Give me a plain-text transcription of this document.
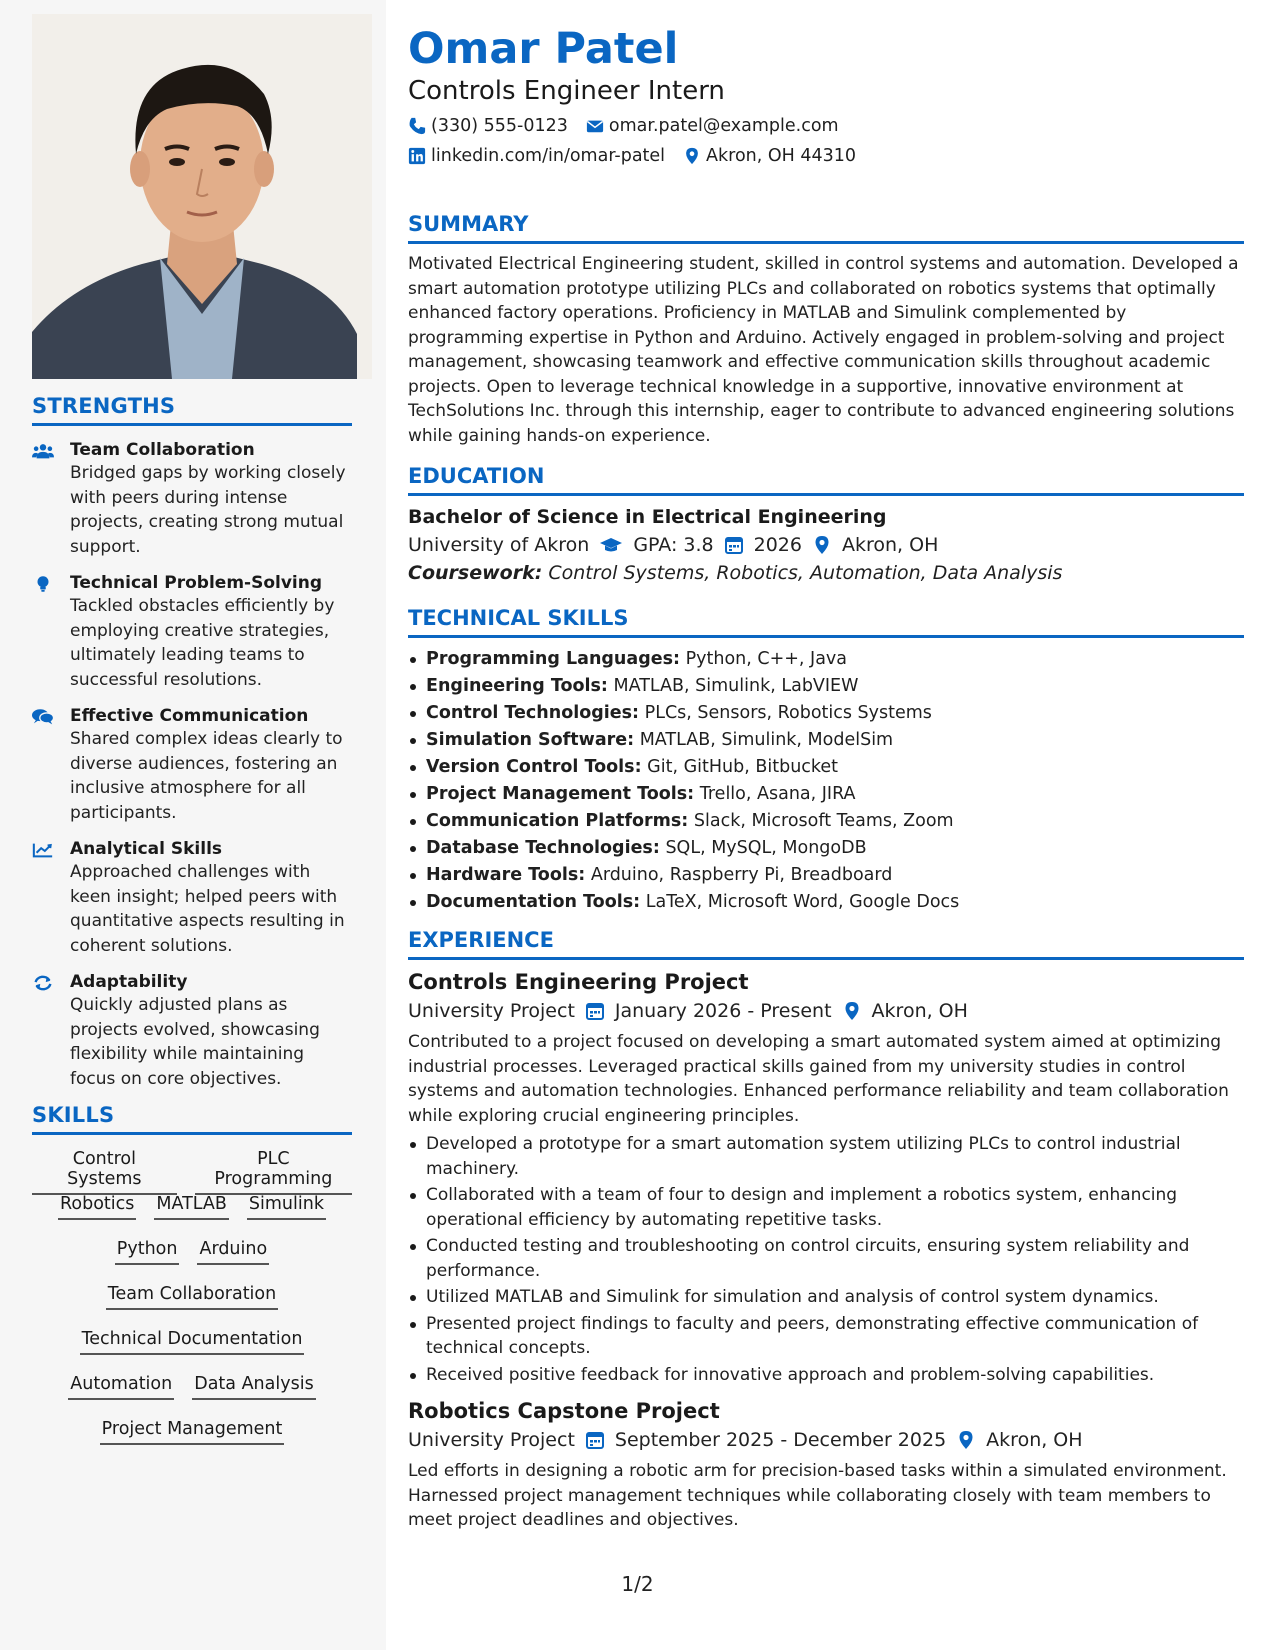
STRENGTHS
Team Collaboration
Bridged gaps by working closely with peers during intense projects, creating strong mutual support.
Technical Problem-Solving
Tackled obstacles efficiently by employing creative strategies, ultimately leading teams to successful resolutions.
Effective Communication
Shared complex ideas clearly to diverse audiences, fostering an inclusive atmosphere for all participants.
Analytical Skills
Approached challenges with keen insight; helped peers with quantitative aspects resulting in coherent solutions.
Adaptability
Quickly adjusted plans as projects evolved, showcasing flexibility while maintaining focus on core objectives.
SKILLS
Control Systems
PLC Programming
Robotics MATLAB Simulink
Python Arduino
Team Collaboration
Technical Documentation
Automation Data Analysis
Project Management
Omar Patel
Controls Engineer Intern
(330) 555-0123 omar.patel@example.com
linkedin.com/in/omar-patel Akron, OH 44310
SUMMARY
Motivated Electrical Engineering student, skilled in control systems and automation. Developed a smart automation prototype utilizing PLCs and collaborated on robotics systems that optimally enhanced factory operations. Proficiency in MATLAB and Simulink complemented by programming expertise in Python and Arduino. Actively engaged in problem-solving and project management, showcasing teamwork and effective communication skills throughout academic projects. Open to leverage technical knowledge in a supportive, innovative environment at TechSolutions Inc. through this internship, eager to contribute to advanced engineering solutions while gaining hands-on experience.
EDUCATION
Bachelor of Science in Electrical Engineering
University of Akron GPA: 3.8 2026 Akron, OH
Coursework: Control Systems, Robotics, Automation, Data Analysis
TECHNICAL SKILLS
Programming Languages: Python, C++, Java
Engineering Tools: MATLAB, Simulink, LabVIEW
Control Technologies: PLCs, Sensors, Robotics Systems
Simulation Software: MATLAB, Simulink, ModelSim
Version Control Tools: Git, GitHub, Bitbucket
Project Management Tools: Trello, Asana, JIRA
Communication Platforms: Slack, Microsoft Teams, Zoom
Database Technologies: SQL, MySQL, MongoDB
Hardware Tools: Arduino, Raspberry Pi, Breadboard
Documentation Tools: LaTeX, Microsoft Word, Google Docs
EXPERIENCE
Controls Engineering Project
University Project January 2026 - Present Akron, OH
Contributed to a project focused on developing a smart automated system aimed at optimizing industrial processes. Leveraged practical skills gained from my university studies in control systems and automation technologies. Enhanced performance reliability and team collaboration while exploring crucial engineering principles.
Developed a prototype for a smart automation system utilizing PLCs to control industrial machinery.
Collaborated with a team of four to design and implement a robotics system, enhancing operational efficiency by automating repetitive tasks.
Conducted testing and troubleshooting on control circuits, ensuring system reliability and performance.
Utilized MATLAB and Simulink for simulation and analysis of control system dynamics.
Presented project findings to faculty and peers, demonstrating effective communication of technical concepts.
Received positive feedback for innovative approach and problem-solving capabilities.
Robotics Capstone Project
University Project September 2025 - December 2025 Akron, OH
Led efforts in designing a robotic arm for precision-based tasks within a simulated environment. Harnessed project management techniques while collaborating closely with team members to meet project deadlines and objectives.
1/2
